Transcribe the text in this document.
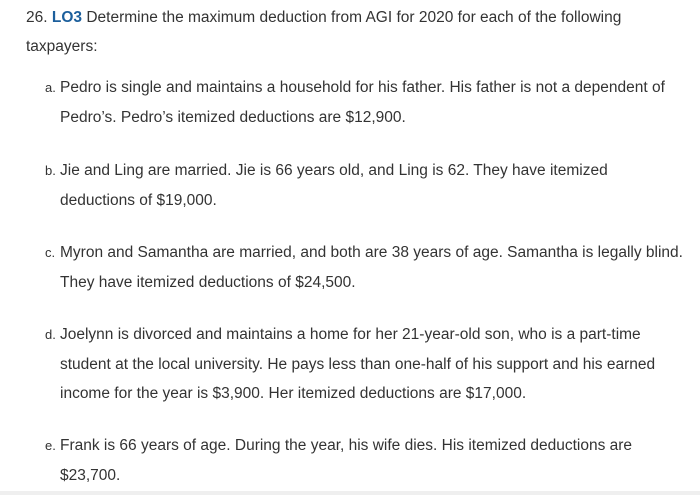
26. LO3 Determine the maximum deduction from AGI for 2020 for each of the following
taxpayers:
a. Pedro is single and maintains a household for his father. His father is not a dependent of
Pedro’s. Pedro’s itemized deductions are $12,900.
b. Jie and Ling are married. Jie is 66 years old, and Ling is 62. They have itemized
deductions of $19,000.
c. Myron and Samantha are married, and both are 38 years of age. Samantha is legally blind.
They have itemized deductions of $24,500.
d. Joelynn is divorced and maintains a home for her 21-year-old son, who is a part-time
student at the local university. He pays less than one-half of his support and his earned
income for the year is $3,900. Her itemized deductions are $17,000.
e. Frank is 66 years of age. During the year, his wife dies. His itemized deductions are
$23,700.
